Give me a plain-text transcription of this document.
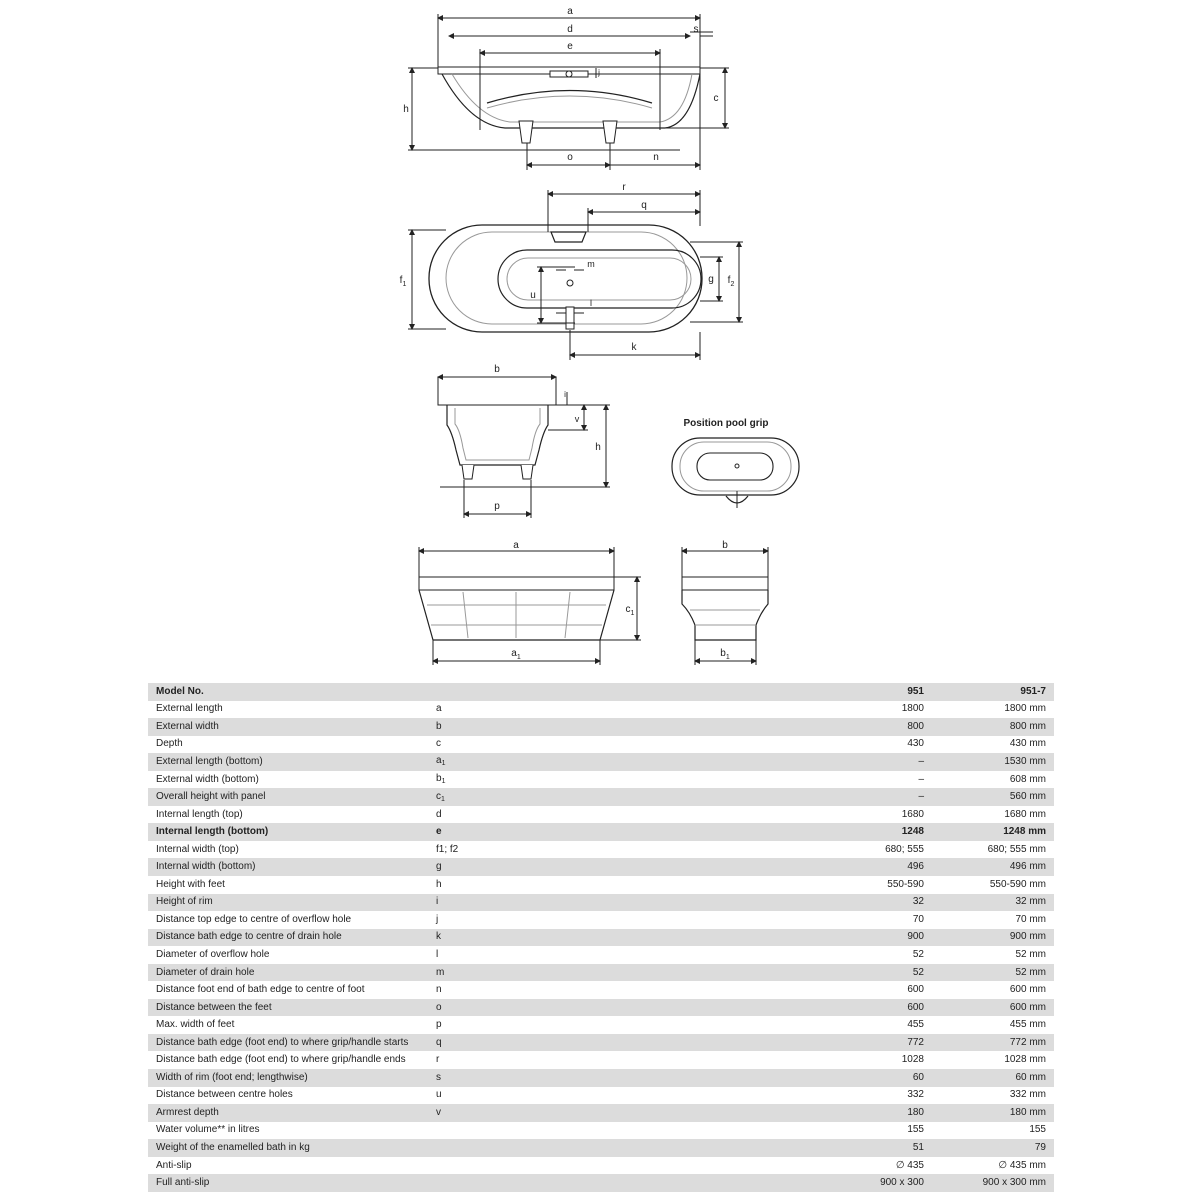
a
d	s
e
j
h
c
o	n
r
q
m
$f_1$	g $f_2$
u
l
k
b
i
v
h
p
Position pool grip
a
$c_1$
$a_1$
b
$b_1$
Model No.		951	951-7
External length	a	1800	1800 mm
External width	b	800	800 mm
Depth	c	430	430 mm
External length (bottom)	$a_1$	–	1530 mm
External width (bottom)	$b_1$	–	608 mm
Overall height with panel	$c_1$	–	560 mm
Internal length (top)	d	1680	1680 mm
Internal length (bottom)	e	1248	1248 mm
Internal width (top)	f1; f2	680; 555	680; 555 mm
Internal width (bottom)	g	496	496 mm
Height with feet	h	550-590	550-590 mm
Height of rim	i	32	32 mm
Distance top edge to centre of overflow hole	j	70	70 mm
Distance bath edge to centre of drain hole	k	900	900 mm
Diameter of overflow hole	l	52	52 mm
Diameter of drain hole	m	52	52 mm
Distance foot end of bath edge to centre of foot	n	600	600 mm
Distance between the feet	o	600	600 mm
Max. width of feet	p	455	455 mm
Distance bath edge (foot end) to where grip/handle starts	q	772	772 mm
Distance bath edge (foot end) to where grip/handle ends	r	1028	1028 mm
Width of rim (foot end; lengthwise)	s	60	60 mm
Distance between centre holes	u	332	332 mm
Armrest depth	v	180	180 mm
Water volume** in litres		155	155
Weight of the enamelled bath in kg		51	79
Anti-slip		∅ 435	∅ 435 mm
Full anti-slip		900 x 300	900 x 300 mm
